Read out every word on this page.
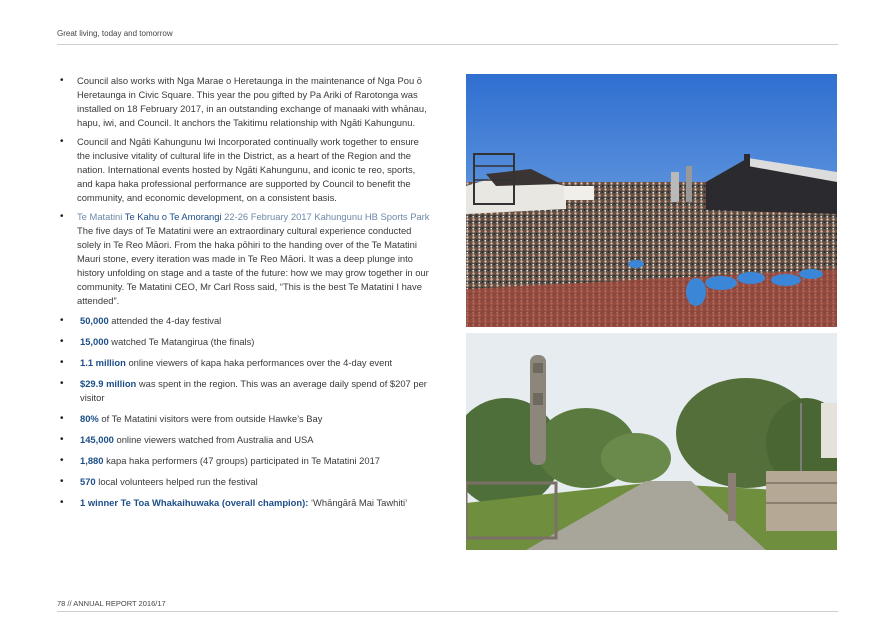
Great living, today and tomorrow
• Council also works with Nga Marae o Heretaunga in the maintenance of Nga Pou ō Heretaunga in Civic Square. This year the pou gifted by Pa Ariki of Rarotonga was installed on 18 February 2017, in an outstanding exchange of manaaki with whānau, hapu, iwi, and Council. It anchors the Takitimu relationship with Ngāti Kahungunu.
• Council and Ngāti Kahungunu Iwi Incorporated continually work together to ensure the inclusive vitality of cultural life in the District, as a heart of the Region and the nation. International events hosted by Ngāti Kahungunu, and iconic te reo, sports, and kapa haka professional performance are supported by Council to benefit the community, and economic development, on a consistent basis.
• Te Matatini Te Kahu o Te Amorangi 22-26 February 2017 Kahungunu HB Sports Park
The five days of Te Matatini were an extraordinary cultural experience conducted solely in Te Reo Māori. From the haka pōhiri to the handing over of the Te Matatini Mauri stone, every iteration was made in Te Reo Māori. It was a deep plunge into history unfolding on stage and a taste of the future: how we may grow together in our community. Te Matatini CEO, Mr Carl Ross said, “This is the best Te Matatini I have attended”.
• 50,000 attended the 4-day festival
• 15,000 watched Te Matangirua (the finals)
• 1.1 million online viewers of kapa haka performances over the 4-day event
• $29.9 million was spent in the region. This was an average daily spend of $207 per visitor
• 80% of Te Matatini visitors were from outside Hawke’s Bay
• 145,000 online viewers watched from Australia and USA
• 1,880 kapa haka performers (47 groups) participated in Te Matatini 2017
• 570 local volunteers helped run the festival
• 1 winner Te Toa Whakaihuwaka (overall champion): ‘Whāngārā Mai Tawhiti’
78 // ANNUAL REPORT 2016/17
